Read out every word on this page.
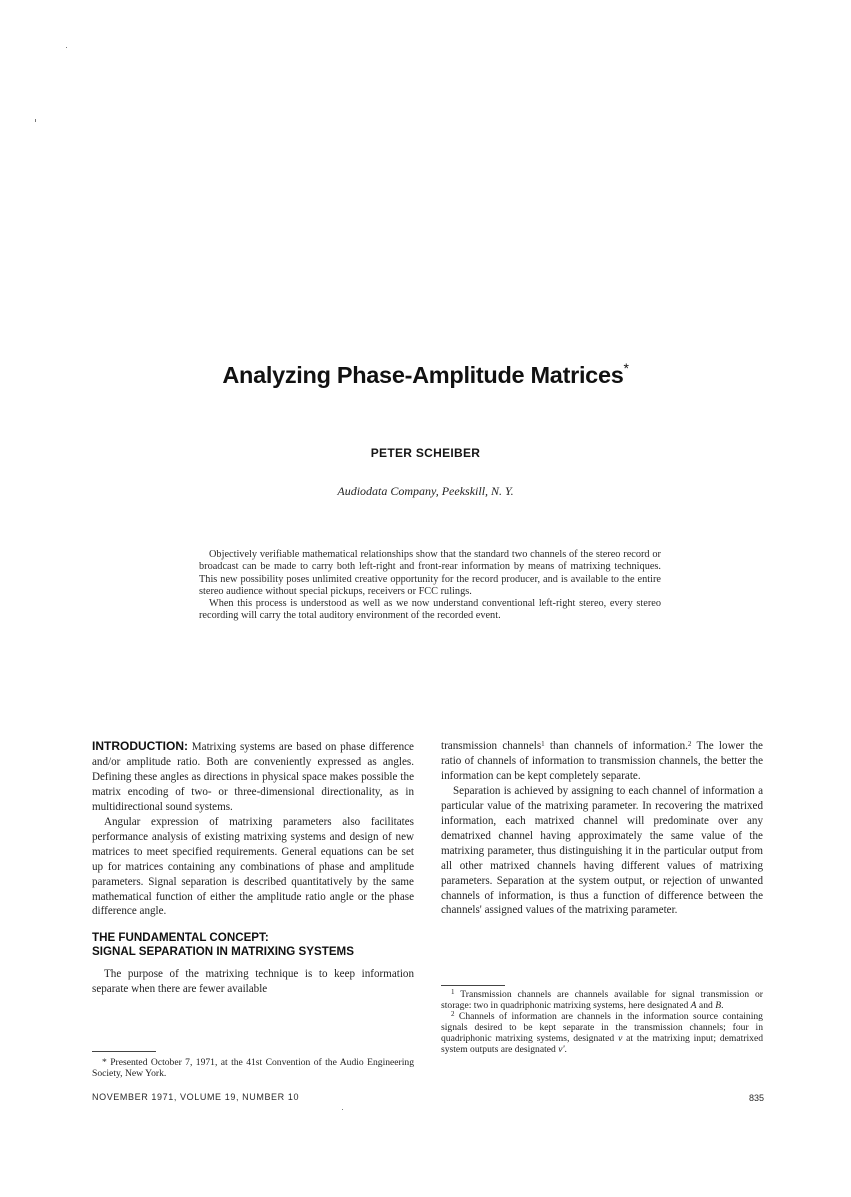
Analyzing Phase-Amplitude Matrices*
PETER SCHEIBER
Audiodata Company, Peekskill, N. Y.

Objectively verifiable mathematical relationships show that the standard two channels of the stereo record or broadcast can be made to carry both left-right and front-rear information by means of matrixing techniques. This new possibility poses unlimited creative opportunity for the record producer, and is available to the entire stereo audience without special pickups, receivers or FCC rulings.

When this process is understood as well as we now understand conventional left-right stereo, every stereo recording will carry the total auditory environment of the recorded event.

INTRODUCTION: Matrixing systems are based on phase difference and/or amplitude ratio. Both are conveniently expressed as angles. Defining these angles as directions in physical space makes possible the matrix encoding of two- or three-dimensional directionality, as in multidirectional sound systems.

Angular expression of matrixing parameters also facilitates performance analysis of existing matrixing systems and design of new matrices to meet specified requirements. General equations can be set up for matrices containing any combinations of phase and amplitude parameters. Signal separation is described quantitatively by the same mathematical function of either the amplitude ratio angle or the phase difference angle.

THE FUNDAMENTAL CONCEPT:
SIGNAL SEPARATION IN MATRIXING SYSTEMS

The purpose of the matrixing technique is to keep information separate when there are fewer available

transmission channels$^1$ than channels of information.$^2$ The lower the ratio of channels of information to transmission channels, the better the information can be kept completely separate.

Separation is achieved by assigning to each channel of information a particular value of the matrixing parameter. In recovering the matrixed information, each matrixed channel will predominate over any dematrixed channel having approximately the same value of the matrixing parameter, thus distinguishing it in the particular output from all other matrixed channels having different values of matrixing parameters. Separation at the system output, or rejection of unwanted channels of information, is thus a function of difference between the channels' assigned values of the matrixing parameter.

* Presented October 7, 1971, at the 41st Convention of the Audio Engineering Society, New York.

$^1$ Transmission channels are channels available for signal transmission or storage: two in quadriphonic matrixing systems, here designated A and B.

$^2$ Channels of information are channels in the information source containing signals desired to be kept separate in the transmission channels; four in quadriphonic matrixing systems, designated v at the matrixing input; dematrixed system outputs are designated v'.

NOVEMBER 1971, VOLUME 19, NUMBER 10	835
